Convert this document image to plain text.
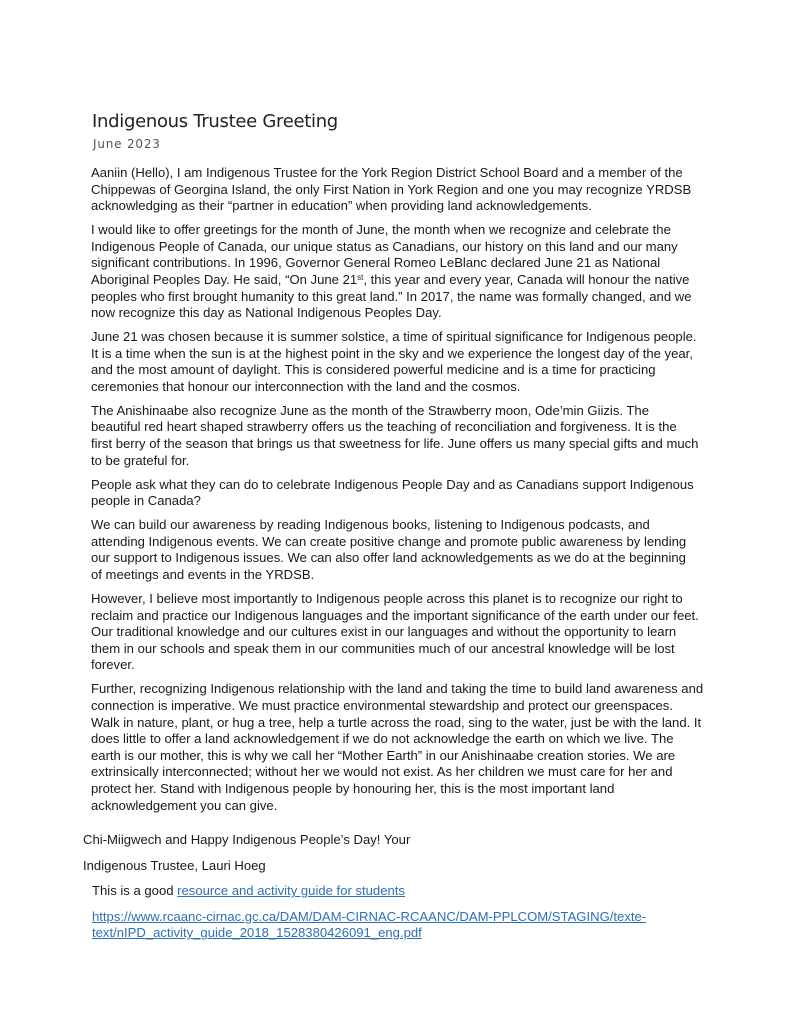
Indigenous Trustee Greeting
June 2023

Aaniin (Hello), I am Indigenous Trustee for the York Region District School Board and a member of the
Chippewas of Georgina Island, the only First Nation in York Region and one you may recognize YRDSB
acknowledging as their “partner in education” when providing land acknowledgements.

I would like to offer greetings for the month of June, the month when we recognize and celebrate the
Indigenous People of Canada, our unique status as Canadians, our history on this land and our many
significant contributions. In 1996, Governor General Romeo LeBlanc declared June 21 as National
Aboriginal Peoples Day. He said, “On June 21st, this year and every year, Canada will honour the native
peoples who first brought humanity to this great land.” In 2017, the name was formally changed, and we
now recognize this day as National Indigenous Peoples Day.

June 21 was chosen because it is summer solstice, a time of spiritual significance for Indigenous people.
It is a time when the sun is at the highest point in the sky and we experience the longest day of the year,
and the most amount of daylight. This is considered powerful medicine and is a time for practicing
ceremonies that honour our interconnection with the land and the cosmos.

The Anishinaabe also recognize June as the month of the Strawberry moon, Ode’min Giizis. The
beautiful red heart shaped strawberry offers us the teaching of reconciliation and forgiveness. It is the
first berry of the season that brings us that sweetness for life. June offers us many special gifts and much
to be grateful for.

People ask what they can do to celebrate Indigenous People Day and as Canadians support Indigenous
people in Canada?

We can build our awareness by reading Indigenous books, listening to Indigenous podcasts, and
attending Indigenous events. We can create positive change and promote public awareness by lending
our support to Indigenous issues. We can also offer land acknowledgements as we do at the beginning
of meetings and events in the YRDSB.

However, I believe most importantly to Indigenous people across this planet is to recognize our right to
reclaim and practice our Indigenous languages and the important significance of the earth under our feet.
Our traditional knowledge and our cultures exist in our languages and without the opportunity to learn
them in our schools and speak them in our communities much of our ancestral knowledge will be lost
forever.

Further, recognizing Indigenous relationship with the land and taking the time to build land awareness and
connection is imperative. We must practice environmental stewardship and protect our greenspaces.
Walk in nature, plant, or hug a tree, help a turtle across the road, sing to the water, just be with the land. It
does little to offer a land acknowledgement if we do not acknowledge the earth on which we live. The
earth is our mother, this is why we call her “Mother Earth” in our Anishinaabe creation stories. We are
extrinsically interconnected; without her we would not exist. As her children we must care for her and
protect her. Stand with Indigenous people by honouring her, this is the most important land
acknowledgement you can give.

Chi-Miigwech and Happy Indigenous People’s Day! Your
Indigenous Trustee, Lauri Hoeg
This is a good resource and activity guide for students
https://www.rcaanc-cirnac.gc.ca/DAM/DAM-CIRNAC-RCAANC/DAM-PPLCOM/STAGING/texte-
text/nIPD_activity_guide_2018_1528380426091_eng.pdf
